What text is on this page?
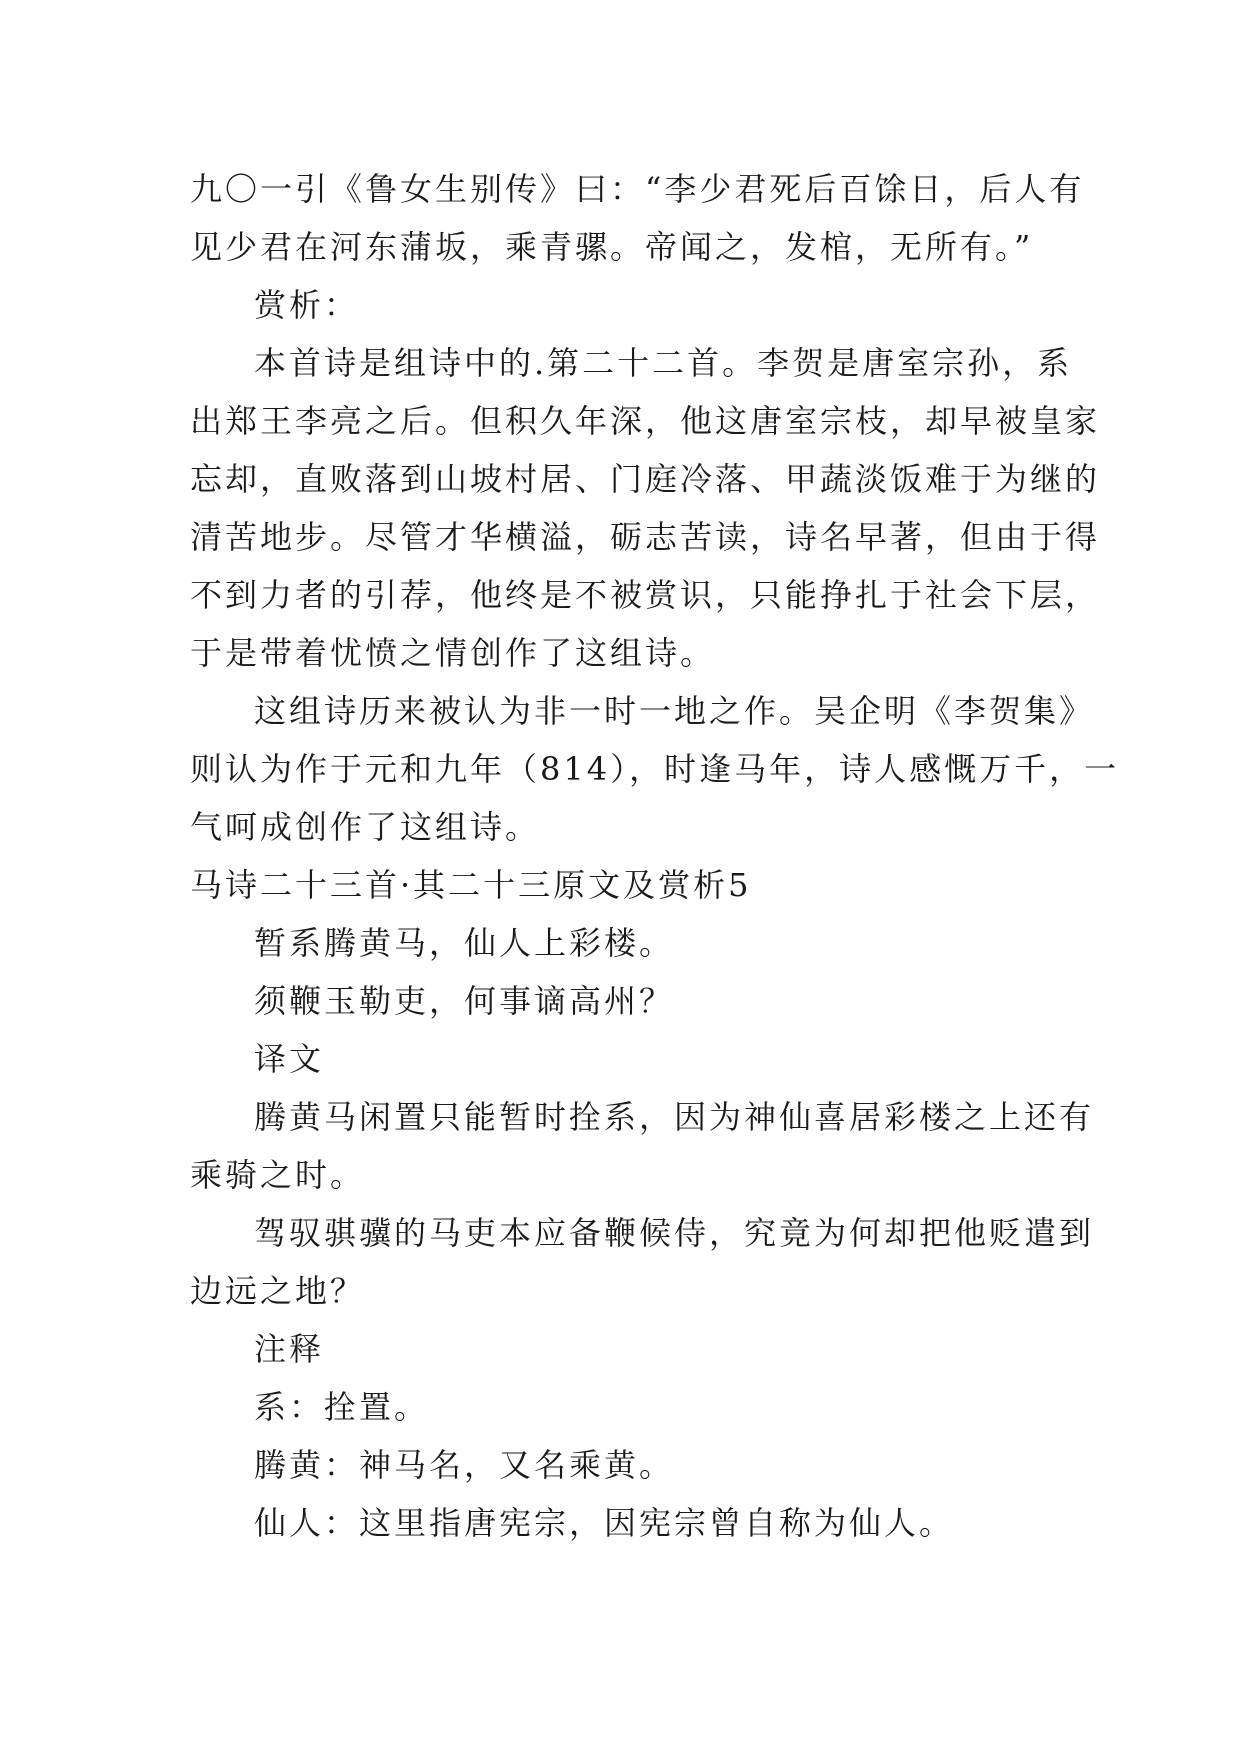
九〇一引《鲁女生别传》曰：“李少君死后百馀日，后人有
见少君在河东蒲坂，乘青骡。帝闻之，发棺，无所有。”
赏析：
本首诗是组诗中的.第二十二首。李贺是唐室宗孙，系
出郑王李亮之后。但积久年深，他这唐室宗枝，却早被皇家
忘却，直败落到山坡村居、门庭冷落、甲蔬淡饭难于为继的
清苦地步。尽管才华横溢，砺志苦读，诗名早著，但由于得
不到力者的引荐，他终是不被赏识，只能挣扎于社会下层，
于是带着忧愤之情创作了这组诗。
这组诗历来被认为非一时一地之作。吴企明《李贺集》
则认为作于元和九年（814），时逢马年，诗人感慨万千，一
气呵成创作了这组诗。
马诗二十三首·其二十三原文及赏析5
暂系腾黄马，仙人上彩楼。
须鞭玉勒吏，何事谪高州？
译文
腾黄马闲置只能暂时拴系，因为神仙喜居彩楼之上还有
乘骑之时。
驾驭骐骥的马吏本应备鞭候侍，究竟为何却把他贬遣到
边远之地？
注释
系：拴置。
腾黄：神马名，又名乘黄。
仙人：这里指唐宪宗，因宪宗曾自称为仙人。
